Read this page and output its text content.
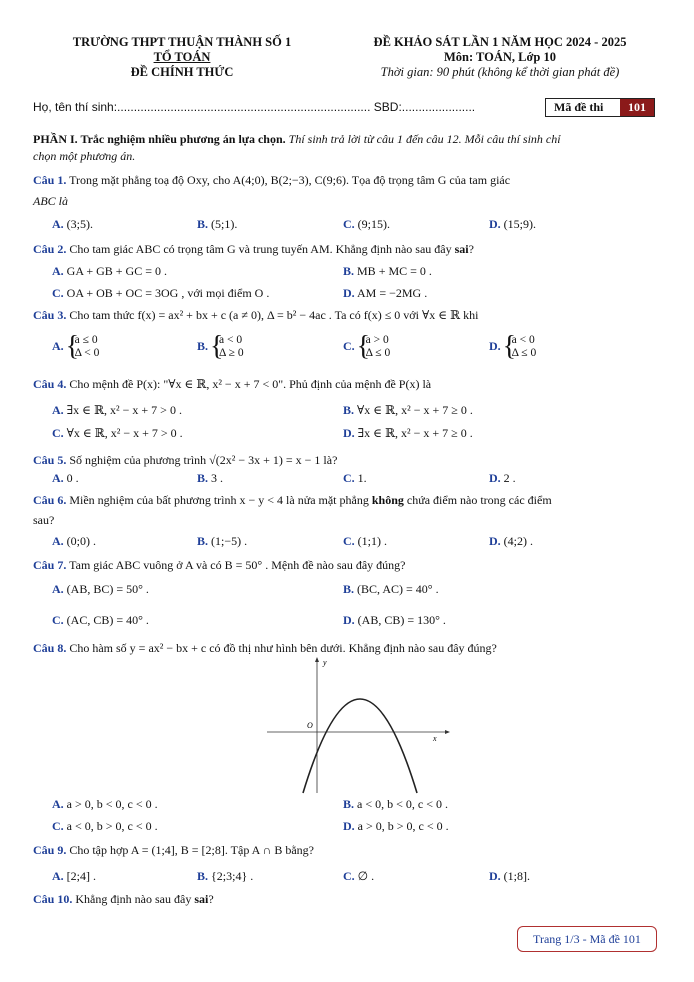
TRƯỜNG THPT THUẬN THÀNH SỐ 1
TỔ TOÁN
ĐỀ CHÍNH THỨC
ĐỀ KHẢO SÁT LẦN 1 NĂM HỌC 2024 - 2025
Môn: TOÁN, Lớp 10
Thời gian: 90 phút (không kể thời gian phát đề)
Họ, tên thí sinh:............................................................................ SBD:......................	Mã đề thi	101
PHẦN I. Trắc nghiệm nhiều phương án lựa chọn. Thí sinh trả lời từ câu 1 đến câu 12. Mỗi câu thí sinh chỉ
chọn một phương án.
Câu 1. Trong mặt phẳng toạ độ Oxy, cho A(4;0), B(2;−3), C(9;6). Tọa độ trọng tâm G của tam giác
ABC là
A. (3;5).	B. (5;1).	C. (9;15).	D. (15;9).
Câu 2. Cho tam giác ABC có trọng tâm G và trung tuyến AM. Khẳng định nào sau đây sai?
A. GA + GB + GC = 0 .	B. MB + MC = 0 .
C. OA + OB + OC = 3OG , với mọi điểm O .	D. AM = −2MG .
Câu 3. Cho tam thức f(x) = ax² + bx + c (a ≠ 0), Δ = b² − 4ac . Ta có f(x) ≤ 0 với ∀x ∈ ℝ khi
A. { a ≤ 0
Δ < 0
B. { a < 0
Δ ≥ 0
C. { a > 0
Δ ≤ 0
D. { a < 0
Δ ≤ 0
Câu 4. Cho mệnh đề P(x): "∀x ∈ ℝ, x² − x + 7 < 0". Phủ định của mệnh đề P(x) là
A. ∃x ∈ ℝ, x² − x + 7 > 0 .	B. ∀x ∈ ℝ, x² − x + 7 ≥ 0 .
C. ∀x ∈ ℝ, x² − x + 7 > 0 .	D. ∃x ∈ ℝ, x² − x + 7 ≥ 0 .
Câu 5. Số nghiệm của phương trình √(2x² − 3x + 1) = x − 1 là?
A. 0 .	B. 3 .	C. 1.	D. 2 .
Câu 6. Miền nghiệm của bất phương trình x − y < 4 là nửa mặt phẳng không chứa điểm nào trong các điểm
sau?
A. (0;0) .	B. (1;−5) .	C. (1;1) .	D. (4;2) .
Câu 7. Tam giác ABC vuông ở A và có B = 50° . Mệnh đề nào sau đây đúng?
A. (AB, BC) = 50° .	B. (BC, AC) = 40° .
C. (AC, CB) = 40° .	D. (AB, CB) = 130° .
Câu 8. Cho hàm số y = ax² − bx + c có đồ thị như hình bên dưới. Khẳng định nào sau đây đúng?
y
O
x
A. a > 0, b < 0, c < 0 .	B. a < 0, b < 0, c < 0 .
C. a < 0, b > 0, c < 0 .	D. a > 0, b > 0, c < 0 .
Câu 9. Cho tập hợp A = (1;4], B = [2;8]. Tập A ∩ B bằng?
A. [2;4] .	B. {2;3;4} .	C. ∅ .	D. (1;8].
Câu 10. Khẳng định nào sau đây sai?
Trang 1/3 - Mã đề 101
